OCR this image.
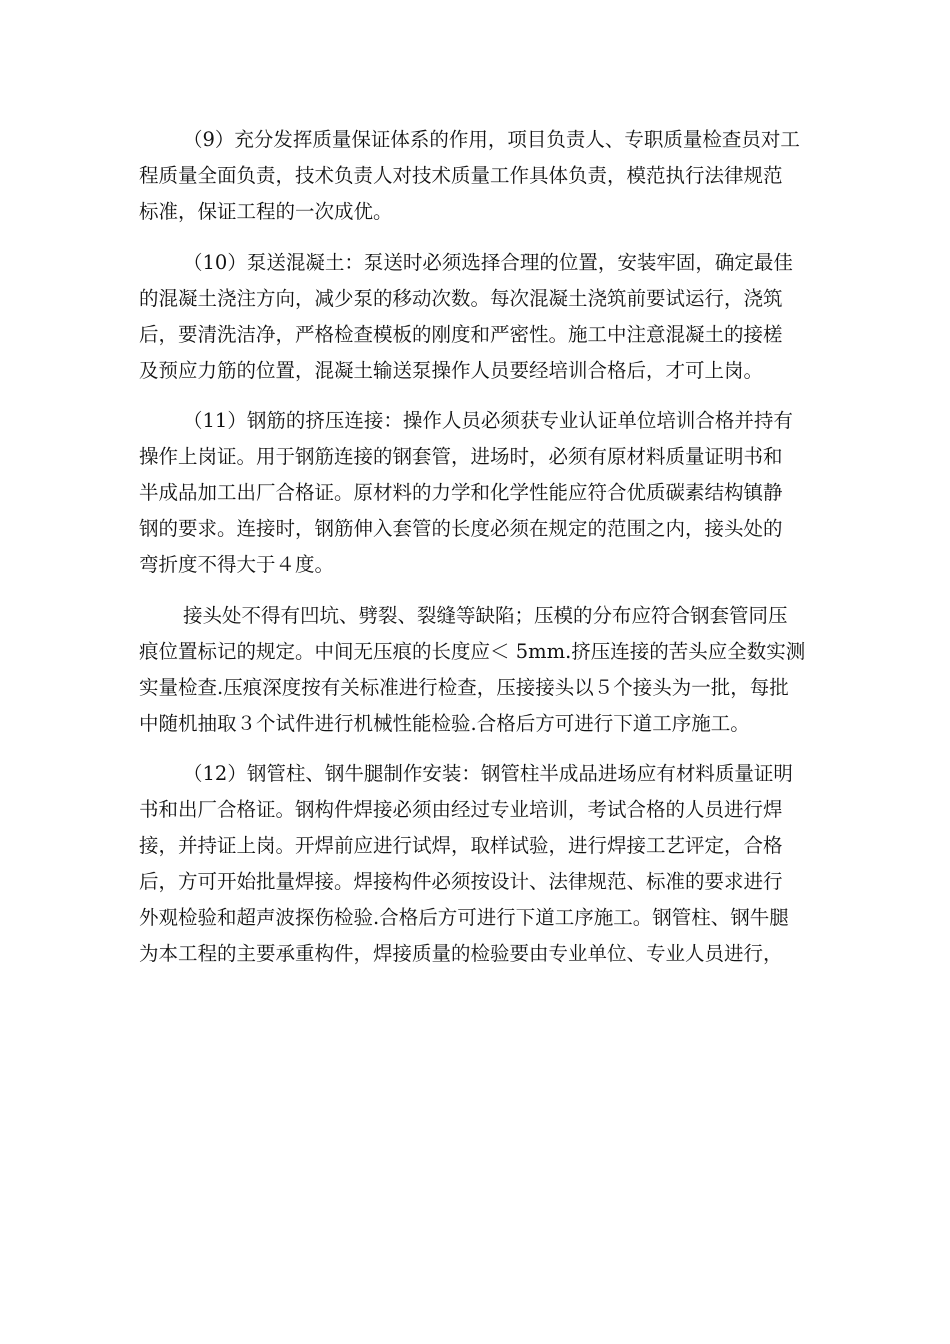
（9）充分发挥质量保证体系的作用，项目负责人、专职质量检查员对工
程质量全面负责，技术负责人对技术质量工作具体负责，模范执行法律规范
标准，保证工程的一次成优。
（10）泵送混凝土：泵送时必须选择合理的位置，安装牢固，确定最佳
的混凝土浇注方向，减少泵的移动次数。每次混凝土浇筑前要试运行，浇筑
后，要清洗洁净，严格检查模板的刚度和严密性。施工中注意混凝土的接槎
及预应力筋的位置，混凝土输送泵操作人员要经培训合格后，才可上岗。
（11）钢筋的挤压连接：操作人员必须获专业认证单位培训合格并持有
操作上岗证。用于钢筋连接的钢套管，进场时，必须有原材料质量证明书和
半成品加工出厂合格证。原材料的力学和化学性能应符合优质碳素结构镇静
钢的要求。连接时，钢筋伸入套管的长度必须在规定的范围之内，接头处的
弯折度不得大于４度。
接头处不得有凹坑、劈裂、裂缝等缺陷；压模的分布应符合钢套管同压
痕位置标记的规定。中间无压痕的长度应＜ 5mm.挤压连接的苦头应全数实测
实量检查.压痕深度按有关标准进行检查，压接接头以５个接头为一批，每批
中随机抽取３个试件进行机械性能检验.合格后方可进行下道工序施工。
（12）钢管柱、钢牛腿制作安装：钢管柱半成品进场应有材料质量证明
书和出厂合格证。钢构件焊接必须由经过专业培训，考试合格的人员进行焊
接，并持证上岗。开焊前应进行试焊，取样试验，进行焊接工艺评定，合格
后，方可开始批量焊接。焊接构件必须按设计、法律规范、标准的要求进行
外观检验和超声波探伤检验.合格后方可进行下道工序施工。钢管柱、钢牛腿
为本工程的主要承重构件，焊接质量的检验要由专业单位、专业人员进行，
